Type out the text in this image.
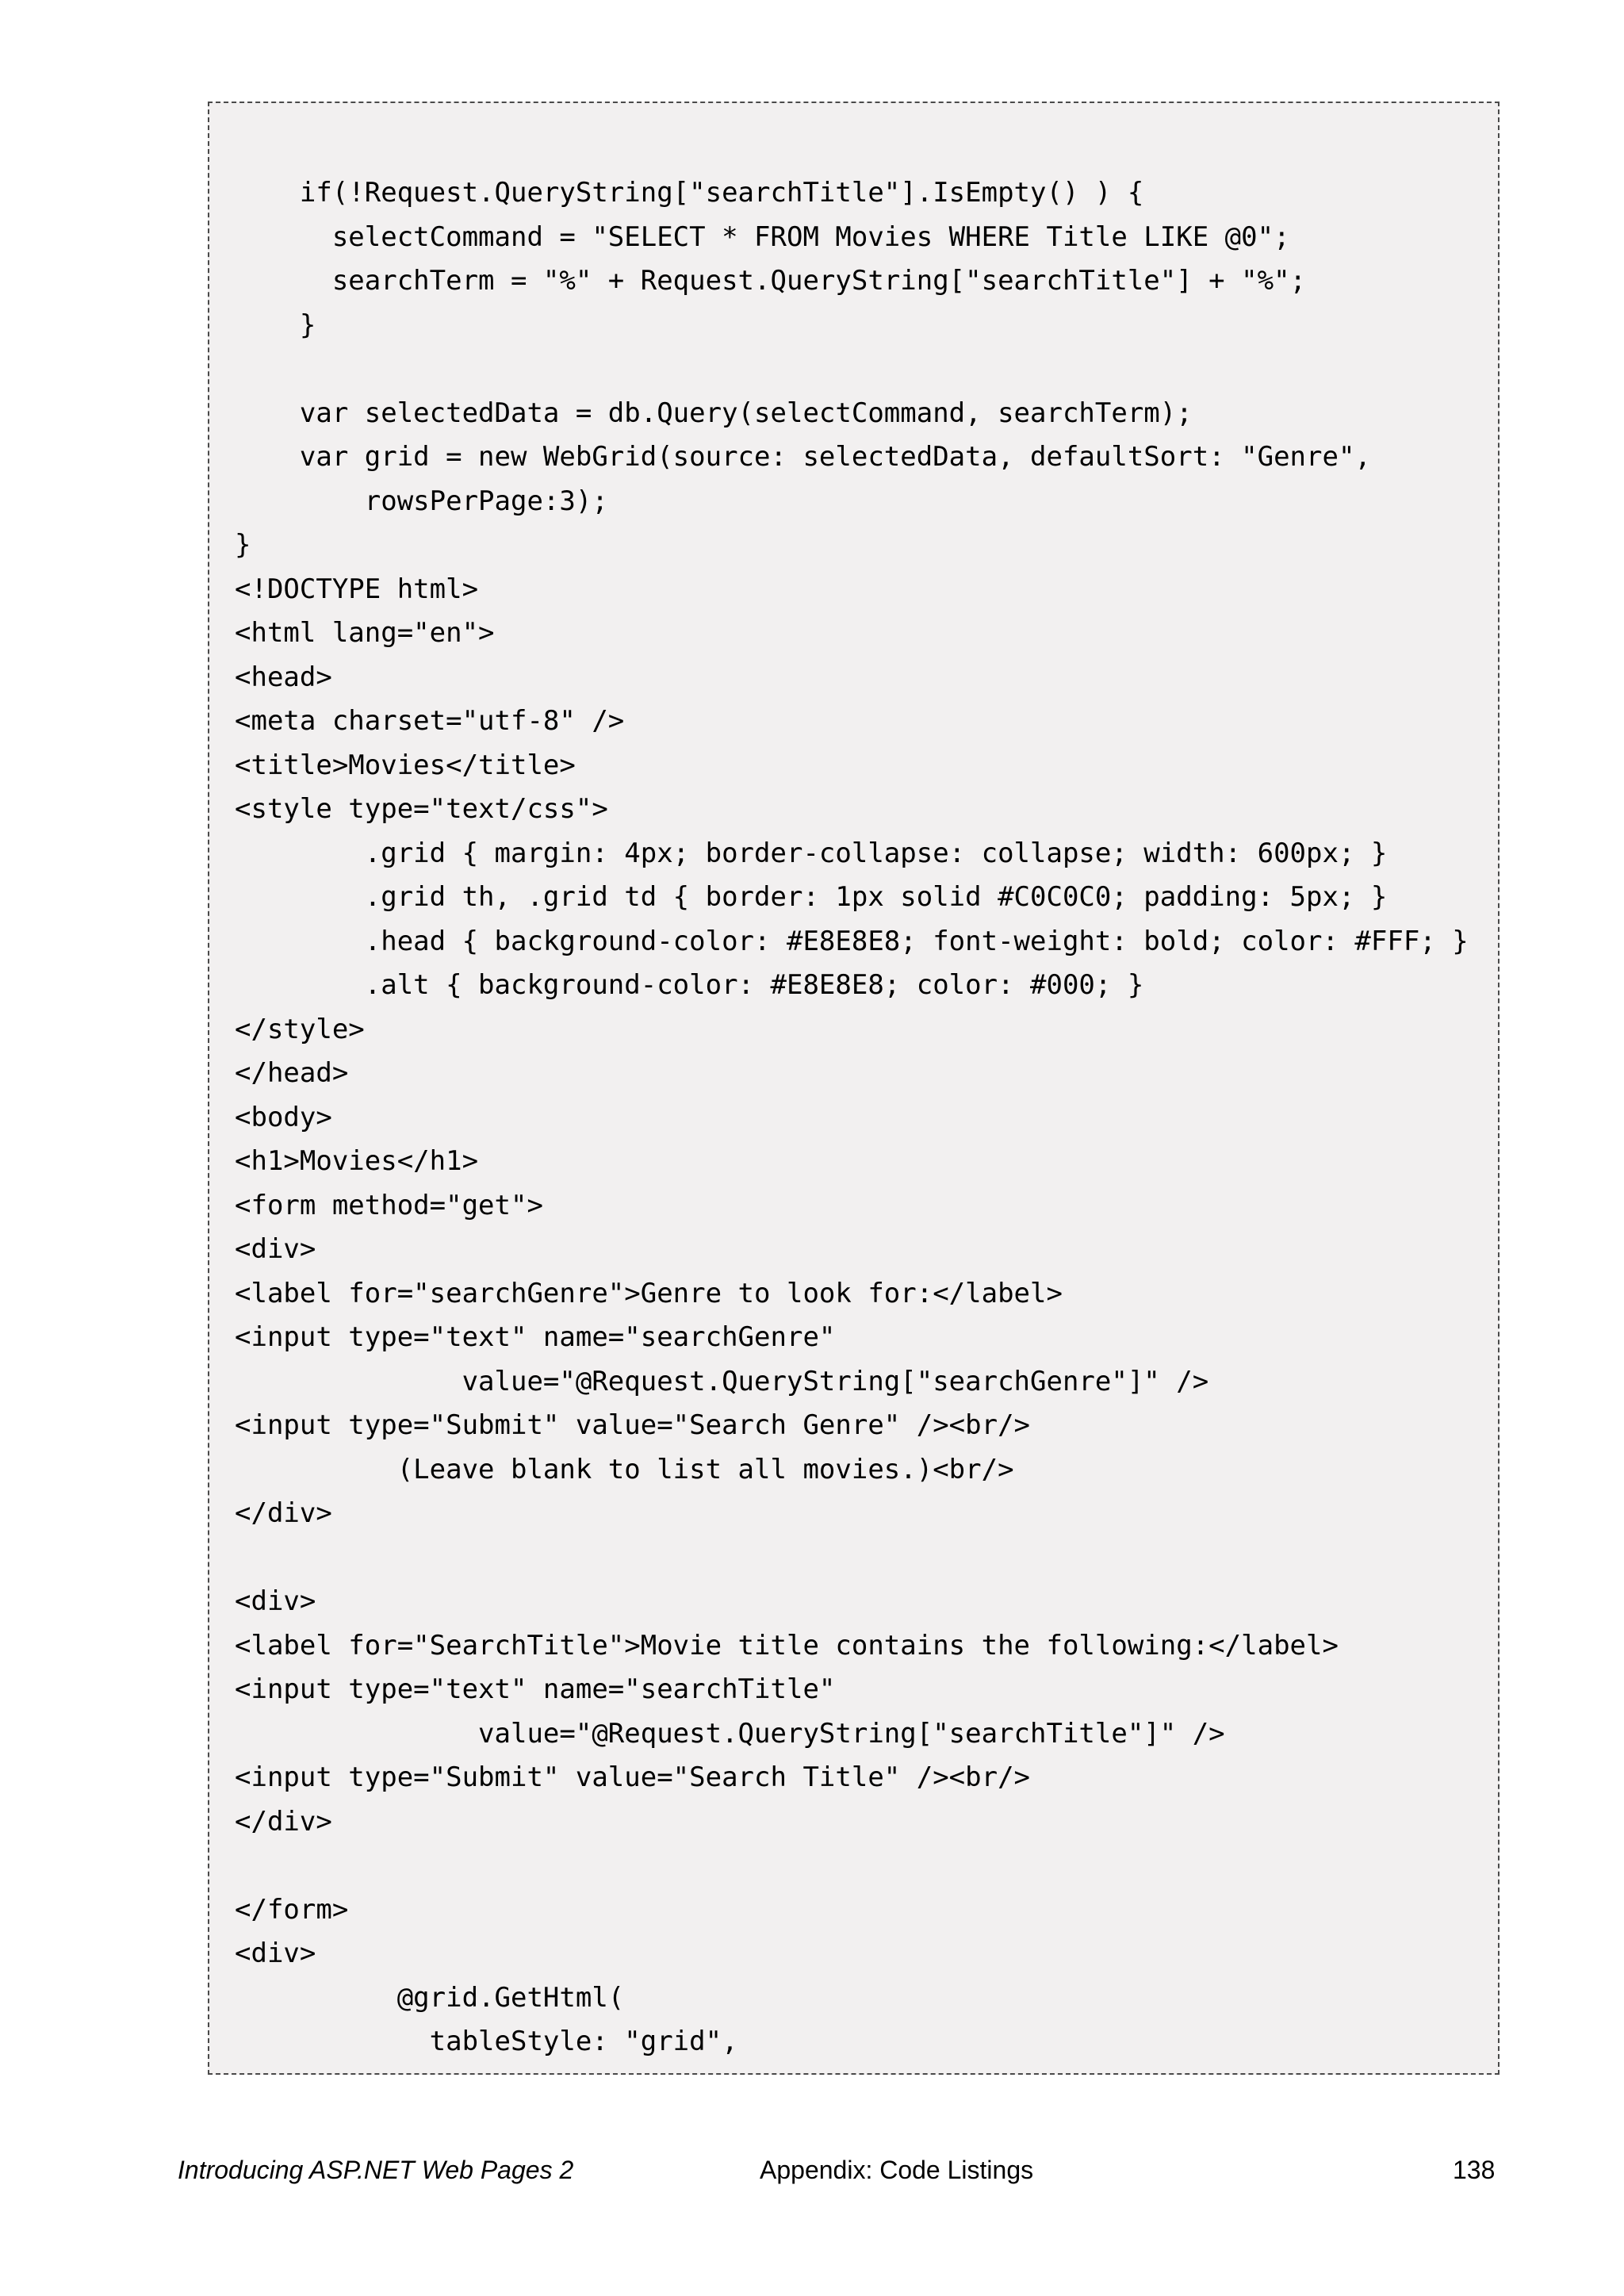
if(!Request.QueryString["searchTitle"].IsEmpty() ) {
selectCommand = "SELECT * FROM Movies WHERE Title LIKE @0";
searchTerm = "%" + Request.QueryString["searchTitle"] + "%";
}
var selectedData = db.Query(selectCommand, searchTerm);
var grid = new WebGrid(source: selectedData, defaultSort: "Genre",
rowsPerPage:3);
}
<!DOCTYPE html>
<html lang="en">
<head>
<meta charset="utf-8" />
<title>Movies</title>
<style type="text/css">
.grid { margin: 4px; border-collapse: collapse; width: 600px; }
.grid th, .grid td { border: 1px solid #C0C0C0; padding: 5px; }
.head { background-color: #E8E8E8; font-weight: bold; color: #FFF; }
.alt { background-color: #E8E8E8; color: #000; }
</style>
</head>
<body>
<h1>Movies</h1>
<form method="get">
<div>
<label for="searchGenre">Genre to look for:</label>
<input type="text" name="searchGenre"
value="@Request.QueryString["searchGenre"]" />
<input type="Submit" value="Search Genre" /><br/>
(Leave blank to list all movies.)<br/>
</div>
<div>
<label for="SearchTitle">Movie title contains the following:</label>
<input type="text" name="searchTitle"
value="@Request.QueryString["searchTitle"]" />
<input type="Submit" value="Search Title" /><br/>
</div>
</form>
<div>
@grid.GetHtml(
tableStyle: "grid",
Introducing ASP.NET Web Pages 2	Appendix: Code Listings	138
